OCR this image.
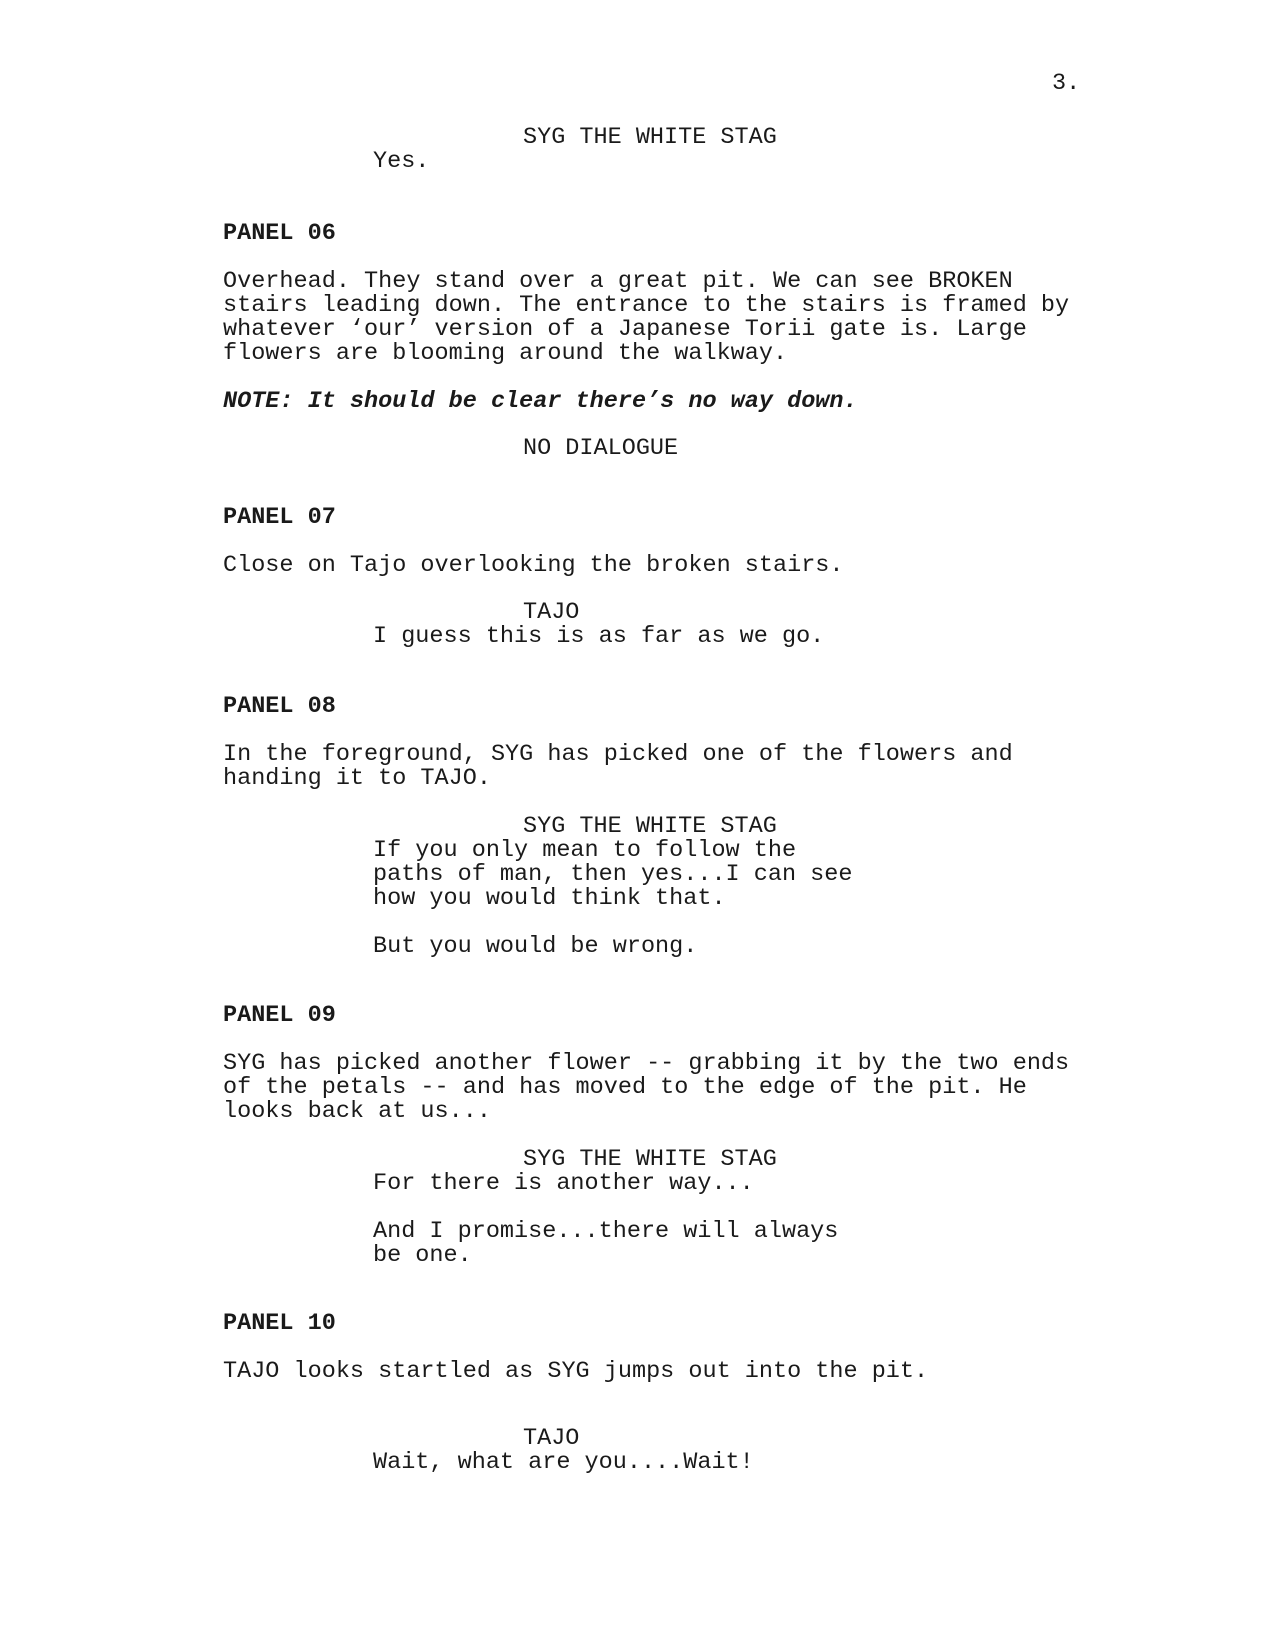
3.
SYG THE WHITE STAG
Yes.
PANEL 06
Overhead. They stand over a great pit. We can see BROKEN
stairs leading down. The entrance to the stairs is framed by
whatever ‘our’ version of a Japanese Torii gate is. Large
flowers are blooming around the walkway.
NOTE: It should be clear there’s no way down.
NO DIALOGUE
PANEL 07
Close on Tajo overlooking the broken stairs.
TAJO
I guess this is as far as we go.
PANEL 08
In the foreground, SYG has picked one of the flowers and
handing it to TAJO.
SYG THE WHITE STAG
If you only mean to follow the
paths of man, then yes...I can see
how you would think that.
But you would be wrong.
PANEL 09
SYG has picked another flower -- grabbing it by the two ends
of the petals -- and has moved to the edge of the pit. He
looks back at us...
SYG THE WHITE STAG
For there is another way...
And I promise...there will always
be one.
PANEL 10
TAJO looks startled as SYG jumps out into the pit.
TAJO
Wait, what are you....Wait!
